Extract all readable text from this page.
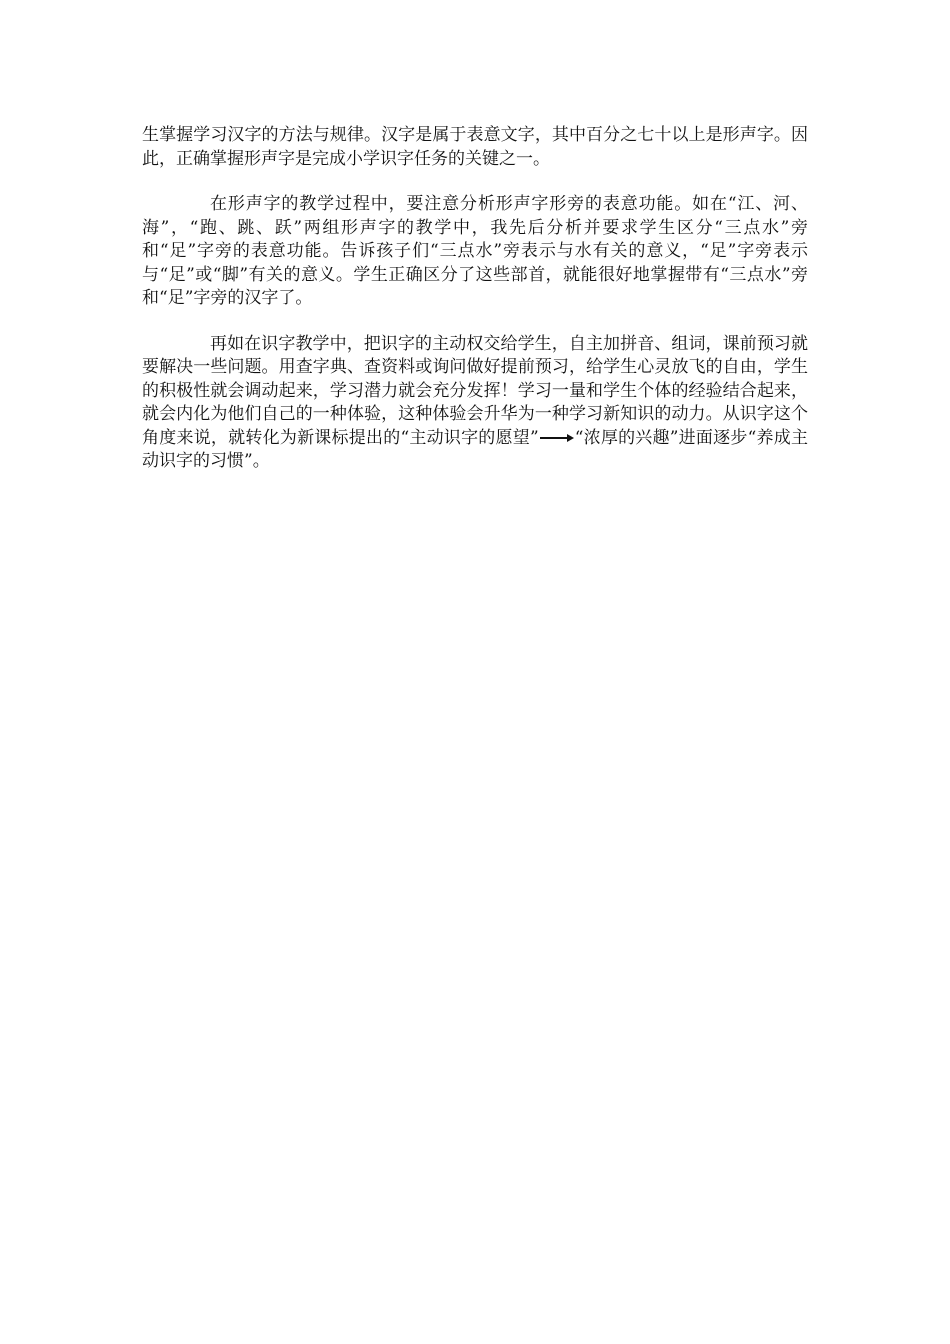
生掌握学习汉字的方法与规律。汉字是属于表意文字，其中百分之七十以上是形声字。因此，正确掌握形声字是完成小学识字任务的关键之一。

在形声字的教学过程中，要注意分析形声字形旁的表意功能。如在“江、河、海”，“跑、跳、跃”两组形声字的教学中，我先后分析并要求学生区分“三点水”旁和“足”字旁的表意功能。告诉孩子们“三点水”旁表示与水有关的意义，“足”字旁表示与“足”或“脚”有关的意义。学生正确区分了这些部首，就能很好地掌握带有“三点水”旁和“足”字旁的汉字了。

再如在识字教学中，把识字的主动权交给学生，自主加拼音、组词，课前预习就要解决一些问题。用查字典、查资料或询问做好提前预习，给学生心灵放飞的自由，学生的积极性就会调动起来，学习潜力就会充分发挥！学习一量和学生个体的经验结合起来，就会内化为他们自己的一种体验，这种体验会升华为一种学习新知识的动力。从识字这个角度来说，就转化为新课标提出的“主动识字的愿望” “浓厚的兴趣”进面逐步“养成主动识字的习惯”。
